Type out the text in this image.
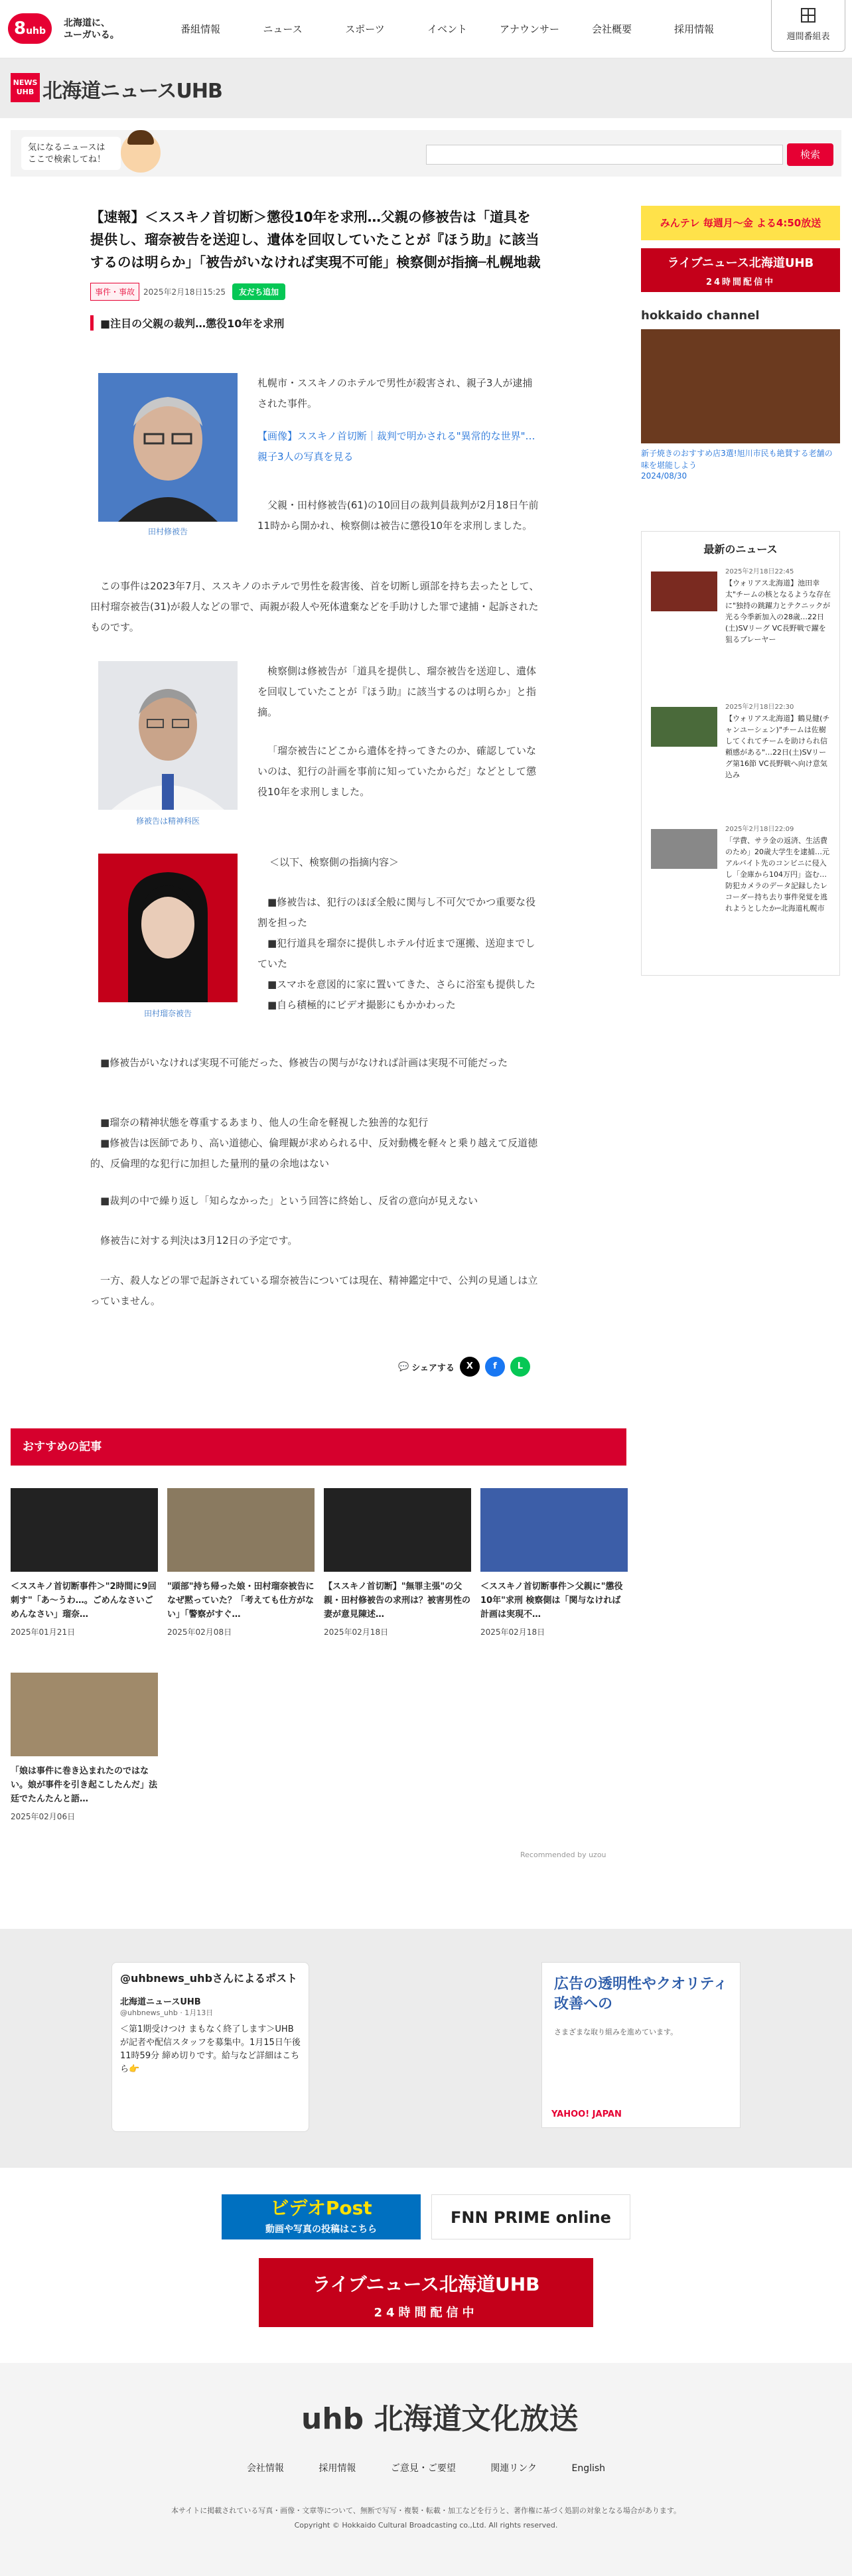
8uhb
北海道に、
ユーガいる。	番組情報	ニュース	スポーツ	イベント	アナウンサー	会社概要	採用情報
週間番組表
NEWS UHB 北海道ニュースUHB
気になるニュースは
ここで検索してね！	検索
【速報】＜ススキノ首切断＞懲役10年を求刑…父親の修被告は「道具を提供し、瑠奈被告を送迎し、遺体を回収していたことが『ほう助』に該当するのは明らか」「被告がいなければ実現不可能」検察側が指摘─札幌地裁
事件・事故	2025年2月18日15:25	友だち追加
■注目の父親の裁判…懲役10年を求刑
田村修被告
札幌市・ススキノのホテルで男性が殺害され、親子3人が逮捕された事件。
【画像】ススキノ首切断｜裁判で明かされる"異常的な世界"…親子3人の写真を見る
父親・田村修被告(61)の10回目の裁判員裁判が2月18日午前11時から開かれ、検察側は被告に懲役10年を求刑しました。
この事件は2023年7月、ススキノのホテルで男性を殺害後、首を切断し頭部を持ち去ったとして、田村瑠奈被告(31)が殺人などの罪で、両親が殺人や死体遺棄などを手助けした罪で逮捕・起訴されたものです。
修被告は精神科医
検察側は修被告が「道具を提供し、瑠奈被告を送迎し、遺体を回収していたことが『ほう助』に該当するのは明らか」と指摘。
「瑠奈被告にどこから遺体を持ってきたのか、確認していないのは、犯行の計画を事前に知っていたからだ」などとして懲役10年を求刑しました。
田村瑠奈被告
＜以下、検察側の指摘内容＞
■修被告は、犯行のほぼ全般に関与し不可欠でかつ重要な役割を担った
■犯行道具を瑠奈に提供しホテル付近まで運搬、送迎までしていた
■スマホを意図的に家に置いてきた、さらに浴室も提供した
■自ら積極的にビデオ撮影にもかかわった
■修被告がいなければ実現不可能だった、修被告の関与がなければ計画は実現不可能だった
■瑠奈の精神状態を尊重するあまり、他人の生命を軽視した独善的な犯行
■修被告は医師であり、高い道徳心、倫理観が求められる中、反対動機を軽々と乗り越えて反道徳的、反倫理的な犯行に加担した量刑的量の余地はない
■裁判の中で繰り返し「知らなかった」という回答に終始し、反省の意向が見えない
修被告に対する判決は3月12日の予定です。
一方、殺人などの罪で起訴されている瑠奈被告については現在、精神鑑定中で、公判の見通しは立っていません。
💬 シェアする	X	f	L
おすすめの記事
＜ススキノ首切断事件＞"2時間に9回刺す"「あ～うわ…。ごめんなさいごめんなさい」瑠奈…
2025年01月21日
"頭部"持ち帰った娘・田村瑠奈被告になぜ黙っていた？「考えても仕方がない」「警察がすぐ…
2025年02月08日
【ススキノ首切断】"無罪主張"の父親・田村修被告の求刑は？被害男性の妻が意見陳述…
2025年02月18日
＜ススキノ首切断事件＞父親に"懲役10年"求刑 検察側は「関与なければ計画は実現不…
2025年02月18日
「娘は事件に巻き込まれたのではない。娘が事件を引き起こしたんだ」法廷でたんたんと語…
2025年02月06日
Recommended by uzou
みんテレ 毎週月～金 よる4:50放送
ライブニュース北海道UHB
24時間配信中
hokkaido channel
新子焼きのおすすめ店3選!旭川市民も絶賛する老舗の味を堪能しよう
2024/08/30
最新のニュース
2025年2月18日22:45
【ウォリアス北海道】池田幸太"チームの核となるような存在に"独持の跳躍力とテクニックが光る今季新加入の28歳…22日(土)SVリーグ VC長野戦で躍を狙るプレーヤー
2025年2月18日22:30
【ウォリアス北海道】鶴見健(チャンユーシェン)"チームは佐樹してくれてチームを助けられ信頼感がある"…22日(土)SVリーグ第16節 VC長野戦へ向け意気込み
2025年2月18日22:09
「学費、サラ金の返済、生活費のため」20歳大学生を逮捕…元アルバイト先のコンビニに侵入し「金庫から104万円」盗む…防犯カメラのデータ記録したレコーダー持ち去り事件発覚を逃れようとしたか─北海道札幌市
@uhbnews_uhbさんによるポスト
北海道ニュースUHB
@uhbnews_uhb · 1月13日
＜第1期受けつけ まもなく終了します＞UHBが記者や配信スタッフを募集中。1月15日午後11時59分 締め切りです。給与など詳細はこちら👉
広告の透明性やクオリティ改善への
さまざまな取り組みを進めています。
YAHOO! JAPAN
ビデオPost
動画や写真の投稿はこちら
FNN PRIME online
ライブニュース北海道UHB
24時間配信中
uhb 北海道文化放送
会社情報	採用情報	ご意見・ご要望	関連リンク	English
本サイトに掲載されている写真・画像・文章等について、無断で写写・複製・転載・加工などを行うと、著作権に基づく処罰の対象となる場合があります。
Copyright © Hokkaido Cultural Broadcasting co.,Ltd. All rights reserved.
